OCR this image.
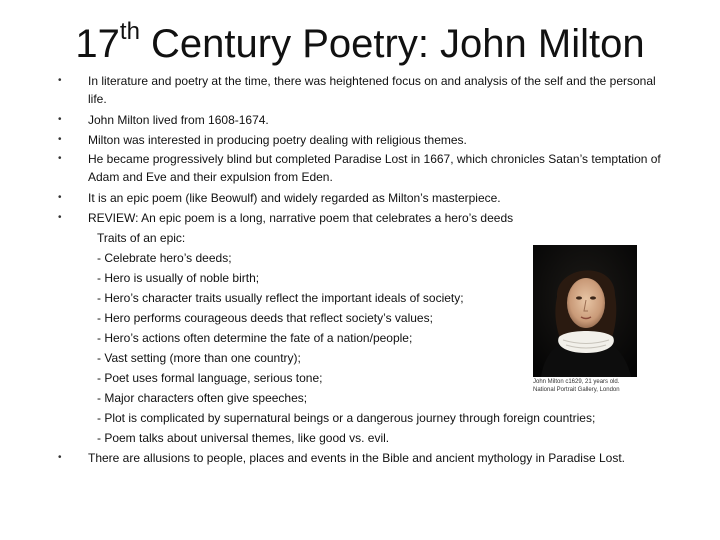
17th Century Poetry: John Milton
• In literature and poetry at the time, there was heightened focus on and analysis of the self and the personal life.
• John Milton lived from 1608-1674.
• Milton was interested in producing poetry dealing with religious themes.
• He became progressively blind but completed Paradise Lost in 1667, which chronicles Satan’s temptation of Adam and Eve and their expulsion from Eden.
• It is an epic poem (like Beowulf) and widely regarded as Milton’s masterpiece.
• REVIEW: An epic poem is a long, narrative poem that celebrates a hero’s deeds
Traits of an epic:
- Celebrate hero’s deeds;
- Hero is usually of noble birth;
- Hero’s character traits usually reflect the important ideals of society;
- Hero performs courageous deeds that reflect society’s values;
- Hero’s actions often determine the fate of a nation/people;
- Vast setting (more than one country);
- Poet uses formal language, serious tone;
- Major characters often give speeches;
- Plot is complicated by supernatural beings or a dangerous journey through foreign countries;
- Poem talks about universal themes, like good vs. evil.
• There are allusions to people, places and events in the Bible and ancient mythology in Paradise Lost.
John Milton c1629, 21 years old. National Portrait Gallery, London
